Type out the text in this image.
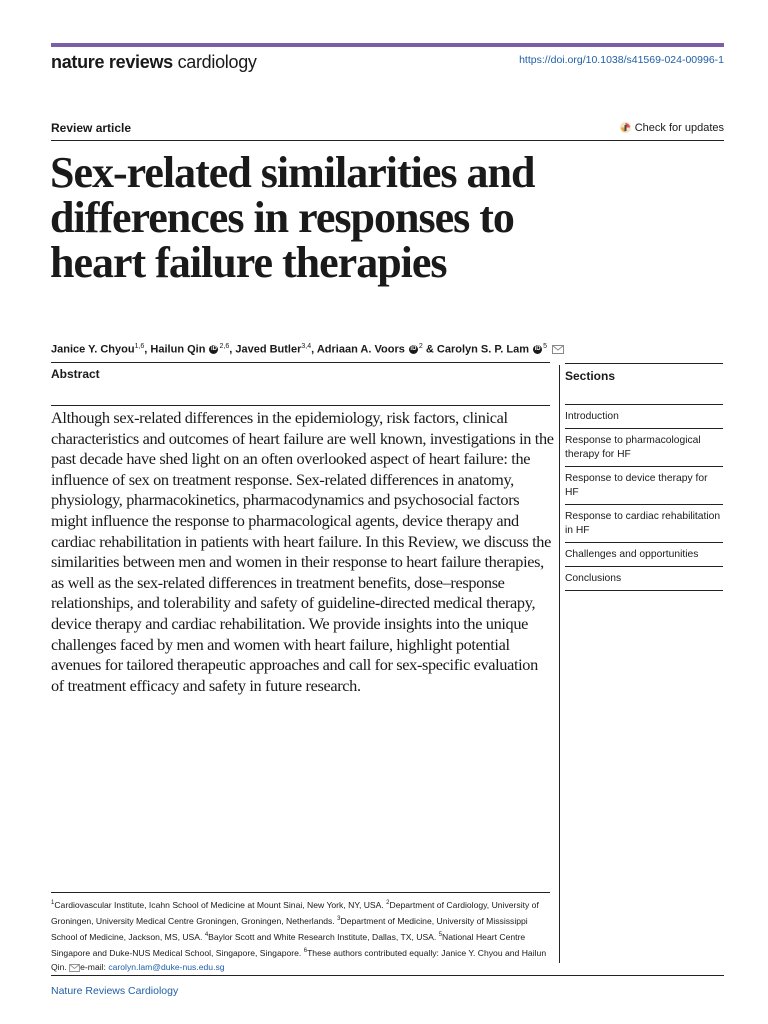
nature reviews cardiology	https://doi.org/10.1038/s41569-024-00996-1
Review article	Check for updates
Sex-related similarities and differences in responses to heart failure therapies
Janice Y. Chyou$^{1,6}$, Hailun Qin iD $^{2,6}$, Javed Butler$^{3,4}$, Adriaan A. Voors iD $^2$ & Carolyn S. P. Lam iD $^5$
Abstract

Although sex-related differences in the epidemiology, risk factors, clinical characteristics and outcomes of heart failure are well known, investigations in the past decade have shed light on an often overlooked aspect of heart failure: the influence of sex on treatment response. Sex-related differences in anatomy, physiology, pharmacokinetics, pharmacodynamics and psychosocial factors might influence the response to pharmacological agents, device therapy and cardiac rehabilitation in patients with heart failure. In this Review, we discuss the similarities between men and women in their response to heart failure therapies, as well as the sex-related differences in treatment benefits, dose–response relationships, and tolerability and safety of guideline-directed medical therapy, device therapy and cardiac rehabilitation. We provide insights into the unique challenges faced by men and women with heart failure, highlight potential avenues for tailored therapeutic approaches and call for sex-specific evaluation of treatment efficacy and safety in future research.

Sections
Introduction
Response to pharmacological therapy for HF
Response to device therapy for HF
Response to cardiac rehabilitation in HF
Challenges and opportunities
Conclusions
$^1$Cardiovascular Institute, Icahn School of Medicine at Mount Sinai, New York, NY, USA. $^2$Department of Cardiology, University of Groningen, University Medical Centre Groningen, Groningen, Netherlands. $^3$Department of Medicine, University of Mississippi School of Medicine, Jackson, MS, USA. $^4$Baylor Scott and White Research Institute, Dallas, TX, USA. $^5$National Heart Centre Singapore and Duke-NUS Medical School, Singapore, Singapore. $^6$These authors contributed equally: Janice Y. Chyou and Hailun Qin. e-mail: carolyn.lam@duke-nus.edu.sg
Nature Reviews Cardiology
